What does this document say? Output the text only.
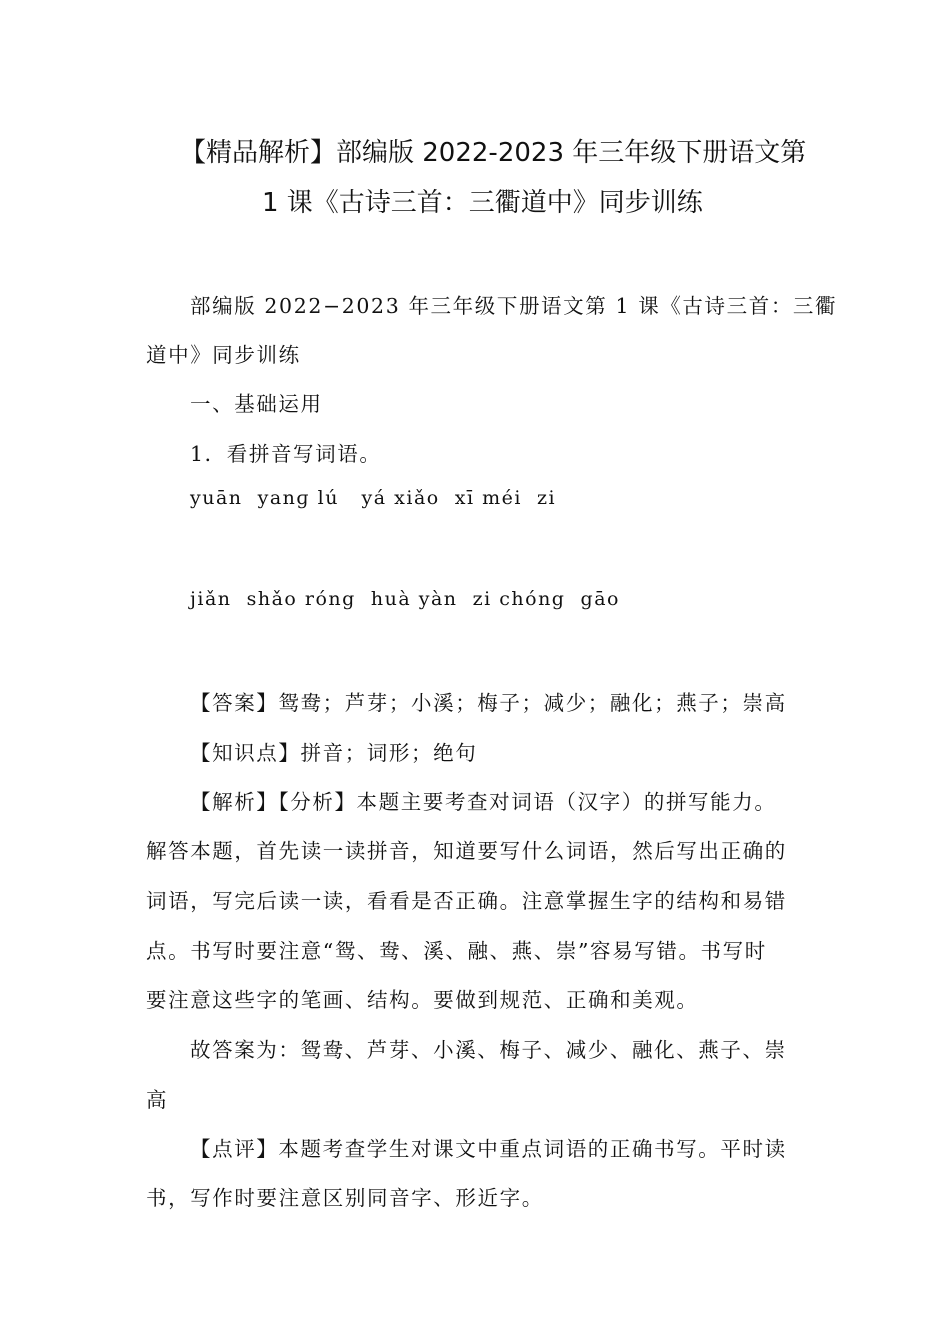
【精品解析】部编版 2022-2023 年三年级下册语文第
1 课《古诗三首：三衢道中》同步训练
部编版 2022−2023 年三年级下册语文第 1 课《古诗三首：三衢
道中》同步训练
一、基础运用
1．看拼音写词语。
yuān  yanɡ lú   yá xiǎo  xī méi  zi
jiǎn  shǎo róng  huà yàn  zi chóng  gāo
【答案】鸳鸯；芦芽；小溪；梅子；减少；融化；燕子；崇高
【知识点】拼音；词形；绝句
【解析】【分析】本题主要考查对词语（汉字）的拼写能力。
解答本题，首先读一读拼音，知道要写什么词语，然后写出正确的
词语，写完后读一读，看看是否正确。注意掌握生字的结构和易错
点。书写时要注意“鸳、鸯、溪、融、燕、崇”容易写错。书写时
要注意这些字的笔画、结构。要做到规范、正确和美观。
故答案为：鸳鸯、芦芽、小溪、梅子、减少、融化、燕子、崇
高
【点评】本题考查学生对课文中重点词语的正确书写。平时读
书，写作时要注意区别同音字、形近字。
